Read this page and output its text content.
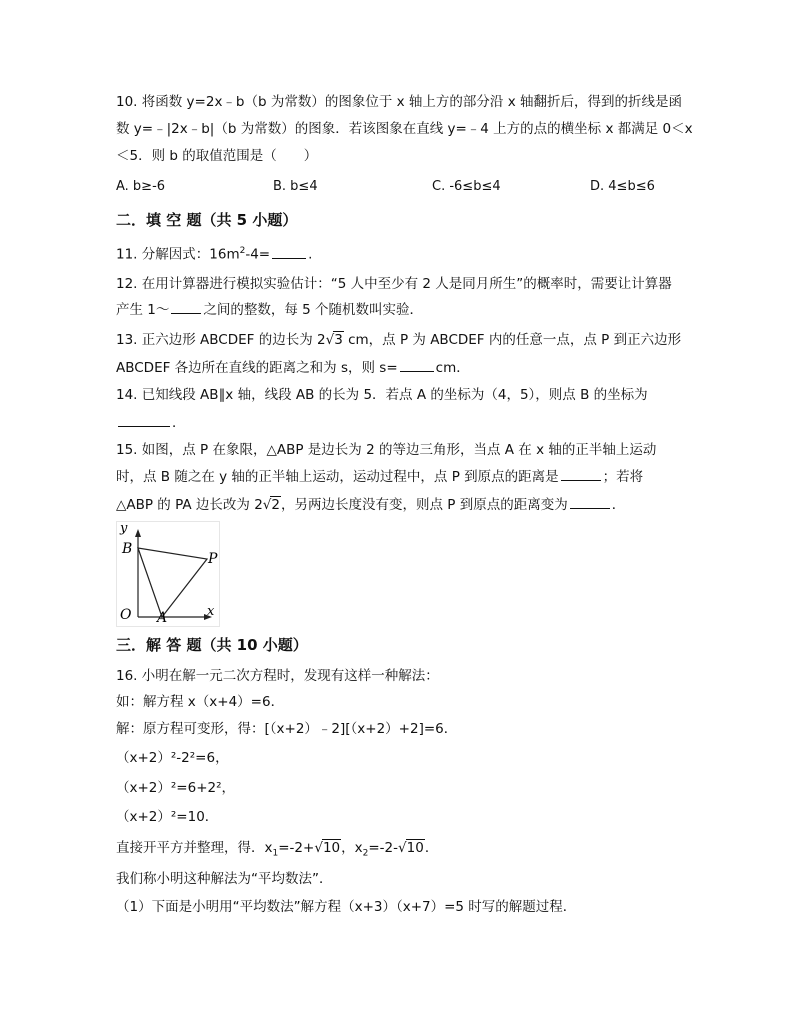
10. 将函数 y=2x﹣b（b 为常数）的图象位于 x 轴上方的部分沿 x 轴翻折后，得到的折线是函
数 y=﹣|2x﹣b|（b 为常数）的图象．若该图象在直线 y=﹣4 上方的点的横坐标 x 都满足 0＜x
＜5．则 b 的取值范围是（　　）
A. b≥-6	B. b≤4	C. -6≤b≤4	D. 4≤b≤6
二．填 空 题（共 5 小题）
11. 分解因式：$16m^2-4=$	.
12. 在用计算器进行模拟实验估计：“5 人中至少有 2 人是同月所生”的概率时，需要让计算器
产生 1～	之间的整数，每 5 个随机数叫实验．
13. 正六边形 ABCDEF 的边长为 2√3 cm，点 P 为 ABCDEF 内的任意一点，点 P 到正六边形
ABCDEF 各边所在直线的距离之和为 s，则 s=	cm．
14. 已知线段 AB∥x 轴，线段 AB 的长为 5．若点 A 的坐标为（4，5），则点 B 的坐标为
．
15. 如图，点 P 在象限，△ABP 是边长为 2 的等边三角形，当点 A 在 x 轴的正半轴上运动
时，点 B 随之在 y 轴的正半轴上运动，运动过程中，点 P 到原点的距离是	；若将
△ABP 的 PA 边长改为 2√2，另两边长度没有变，则点 P 到原点的距离变为	．
y
x
O A
B
P
三．解 答 题（共 10 小题）
16. 小明在解一元二次方程时，发现有这样一种解法：
如：解方程 x（x+4）=6．
解：原方程可变形，得：[（x+2）﹣2][（x+2）+2]=6．
（x+2）²-2²=6，
（x+2）²=6+2²，
（x+2）²=10．
直接开平方并整理，得．$x_1=-2+√10$，$x_2=-2-√10$．
我们称小明这种解法为“平均数法”．
（1）下面是小明用“平均数法”解方程（x+3）（x+7）=5 时写的解题过程．
